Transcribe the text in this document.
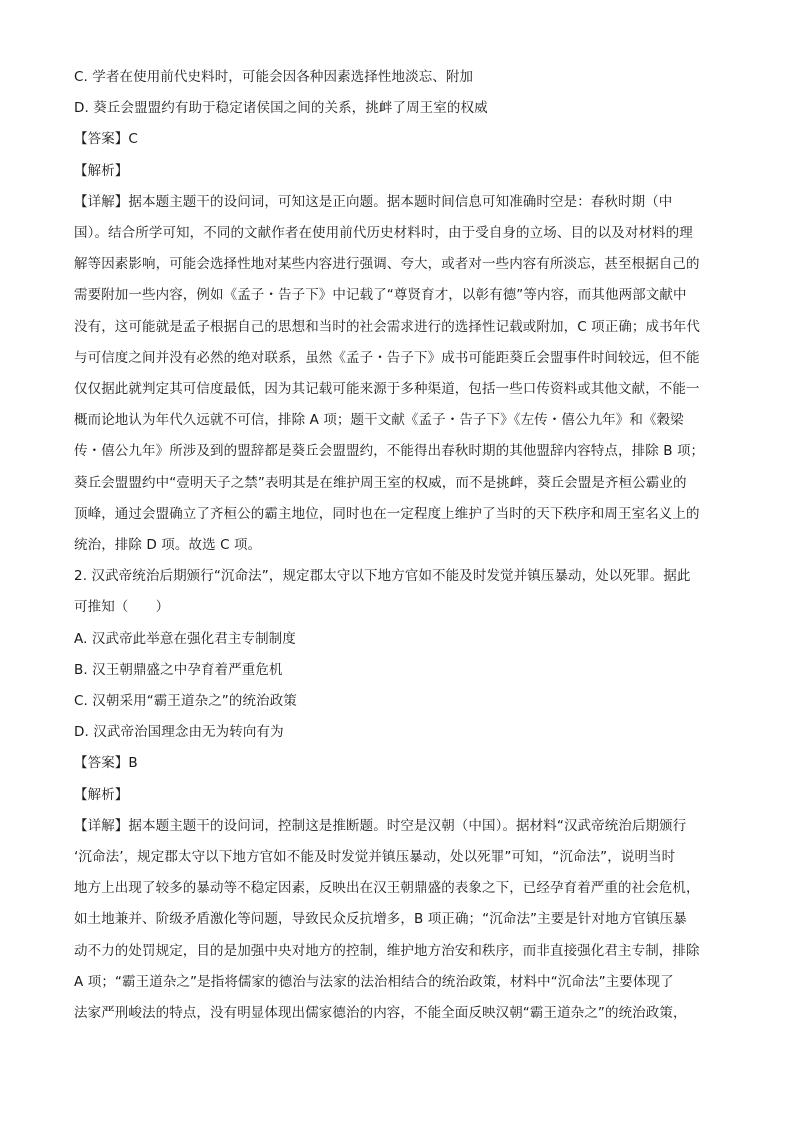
C. 学者在使用前代史料时，可能会因各种因素选择性地淡忘、附加
D. 葵丘会盟盟约有助于稳定诸侯国之间的关系，挑衅了周王室的权威
【答案】C
【解析】
【详解】据本题主题干的设问词，可知这是正向题。据本题时间信息可知准确时空是：春秋时期（中
国）。结合所学可知，不同的文献作者在使用前代历史材料时，由于受自身的立场、目的以及对材料的理
解等因素影响，可能会选择性地对某些内容进行强调、夸大，或者对一些内容有所淡忘，甚至根据自己的
需要附加一些内容，例如《孟子・告子下》中记载了“尊贤育才，以彰有德”等内容，而其他两部文献中
没有，这可能就是孟子根据自己的思想和当时的社会需求进行的选择性记载或附加，C 项正确；成书年代
与可信度之间并没有必然的绝对联系，虽然《孟子・告子下》成书可能距葵丘会盟事件时间较远，但不能
仅仅据此就判定其可信度最低，因为其记载可能来源于多种渠道，包括一些口传资料或其他文献，不能一
概而论地认为年代久远就不可信，排除 A 项；题干文献《孟子・告子下》《左传・僖公九年》和《穀梁
传・僖公九年》所涉及到的盟辞都是葵丘会盟盟约，不能得出春秋时期的其他盟辞内容特点，排除 B 项；
葵丘会盟盟约中“壹明天子之禁”表明其是在维护周王室的权威，而不是挑衅，葵丘会盟是齐桓公霸业的
顶峰，通过会盟确立了齐桓公的霸主地位，同时也在一定程度上维护了当时的天下秩序和周王室名义上的
统治，排除 D 项。故选 C 项。
2. 汉武帝统治后期颁行“沉命法”，规定郡太守以下地方官如不能及时发觉并镇压暴动，处以死罪。据此
可推知（　　）
A. 汉武帝此举意在强化君主专制制度
B. 汉王朝鼎盛之中孕育着严重危机
C. 汉朝采用“霸王道杂之”的统治政策
D. 汉武帝治国理念由无为转向有为
【答案】B
【解析】
【详解】据本题主题干的设问词，控制这是推断题。时空是汉朝（中国）。据材料“汉武帝统治后期颁行
‘沉命法’，规定郡太守以下地方官如不能及时发觉并镇压暴动，处以死罪”可知，“沉命法”，说明当时
地方上出现了较多的暴动等不稳定因素，反映出在汉王朝鼎盛的表象之下，已经孕育着严重的社会危机，
如土地兼并、阶级矛盾激化等问题，导致民众反抗增多，B 项正确；“沉命法”主要是针对地方官镇压暴
动不力的处罚规定，目的是加强中央对地方的控制，维护地方治安和秩序，而非直接强化君主专制，排除
A 项；“霸王道杂之”是指将儒家的德治与法家的法治相结合的统治政策，材料中“沉命法”主要体现了
法家严刑峻法的特点，没有明显体现出儒家德治的内容，不能全面反映汉朝“霸王道杂之”的统治政策，
